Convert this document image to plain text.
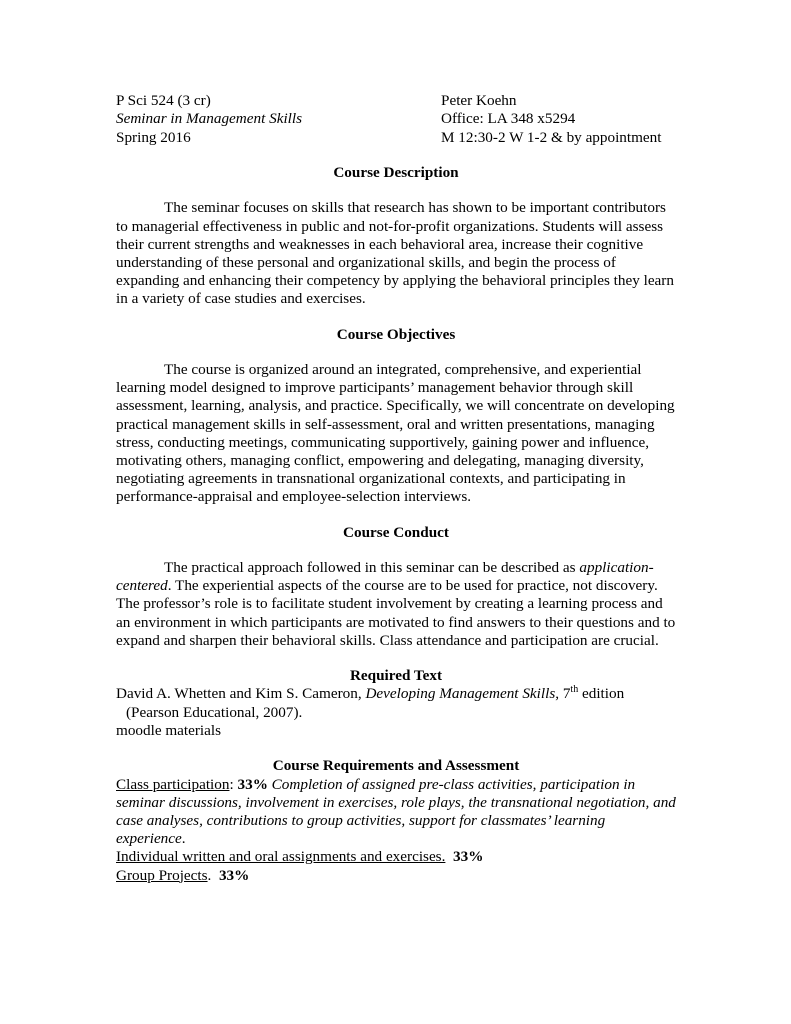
P Sci 524 (3 cr)
Seminar in Management Skills
Spring 2016
Peter Koehn
Office: LA 348 x5294
M 12:30-2 W 1-2 & by appointment
Course Description
The seminar focuses on skills that research has shown to be important contributors to managerial effectiveness in public and not-for-profit organizations. Students will assess their current strengths and weaknesses in each behavioral area, increase their cognitive understanding of these personal and organizational skills, and begin the process of expanding and enhancing their competency by applying the behavioral principles they learn in a variety of case studies and exercises.
Course Objectives
The course is organized around an integrated, comprehensive, and experiential learning model designed to improve participants’ management behavior through skill assessment, learning, analysis, and practice. Specifically, we will concentrate on developing practical management skills in self-assessment, oral and written presentations, managing stress, conducting meetings, communicating supportively, gaining power and influence, motivating others, managing conflict, empowering and delegating, managing diversity, negotiating agreements in transnational organizational contexts, and participating in performance-appraisal and employee-selection interviews.
Course Conduct
The practical approach followed in this seminar can be described as application-centered. The experiential aspects of the course are to be used for practice, not discovery. The professor’s role is to facilitate student involvement by creating a learning process and an environment in which participants are motivated to find answers to their questions and to expand and sharpen their behavioral skills. Class attendance and participation are crucial.
Required Text
David A. Whetten and Kim S. Cameron, Developing Management Skills, 7th edition
(Pearson Educational, 2007).
moodle materials
Course Requirements and Assessment
Class participation: 33% Completion of assigned pre-class activities, participation in seminar discussions, involvement in exercises, role plays, the transnational negotiation, and case analyses, contributions to group activities, support for classmates’ learning experience.
Individual written and oral assignments and exercises. 33%
Group Projects.  33%
